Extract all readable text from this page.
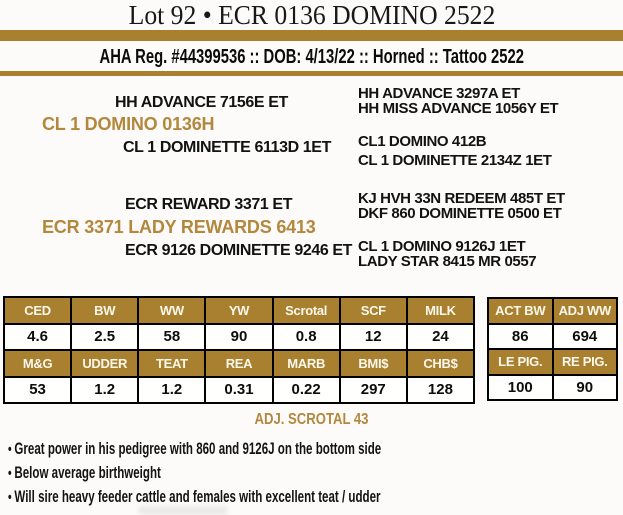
Lot 92 • ECR 0136 DOMINO 2522
AHA Reg. #44399536 :: DOB: 4/13/22 :: Horned :: Tattoo 2522
HH ADVANCE 7156E ET
CL 1 DOMINO 0136H
CL 1 DOMINETTE 6113D 1ET
HH ADVANCE 3297A ET
HH MISS ADVANCE 1056Y ET
CL1 DOMINO 412B
CL 1 DOMINETTE 2134Z 1ET
ECR REWARD 3371 ET
ECR 3371 LADY REWARDS 6413
ECR 9126 DOMINETTE 9246 ET
KJ HVH 33N REDEEM 485T ET
DKF 860 DOMINETTE 0500 ET
CL 1 DOMINO 9126J 1ET
LADY STAR 8415 MR 0557
CED	BW	WW	YW	Scrotal	SCF	MILK
4.6	2.5	58	90	0.8	12	24
M&G	UDDER	TEAT	REA	MARB	BMI$	CHB$
53	1.2	1.2	0.31	0.22	297	128
ACT BW	ADJ WW
86	694
LE PIG.	RE PIG.
100	90
ADJ. SCROTAL 43
• Great power in his pedigree with 860 and 9126J on the bottom side
• Below average birthweight
• Will sire heavy feeder cattle and females with excellent teat / udder
